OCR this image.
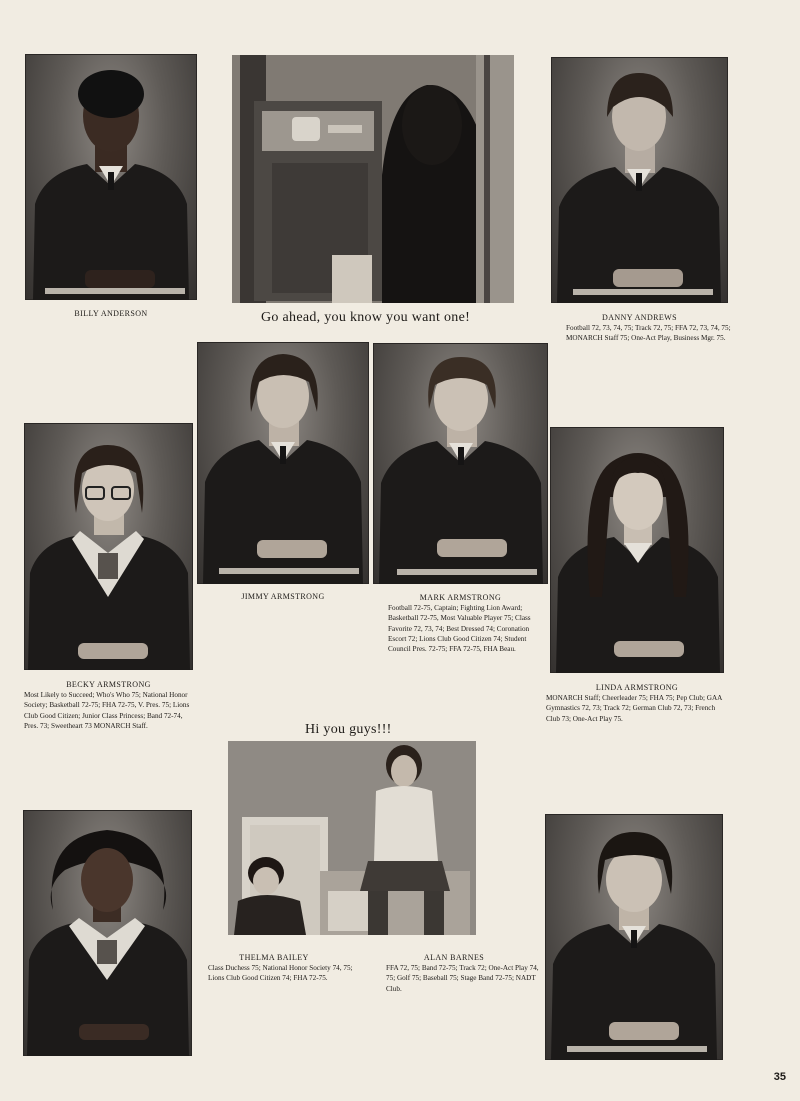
BILLY ANDERSON	Go ahead, you know you want one!	DANNY ANDREWS
Football 72, 73, 74, 75; Track 72, 75; FFA 72, 73, 74, 75; MONARCH Staff 75; One-Act Play, Business Mgr. 75.
JIMMY ARMSTRONG	MARK ARMSTRONG
Football 72-75, Captain; Fighting Lion Award; Basketball 72-75, Most Valuable Player 75; Class Favorite 72, 73, 74; Best Dressed 74; Coronation Escort 72; Lions Club Good Citizen 74; Student Council Pres. 72-75; FFA 72-75, FHA Beau.
BECKY ARMSTRONG
Most Likely to Succeed; Who's Who 75; National Honor Society; Basketball 72-75; FHA 72-75, V. Pres. 75; Lions Club Good Citizen; Junior Class Princess; Band 72-74, Pres. 73; Sweetheart 73 MONARCH Staff.
LINDA ARMSTRONG
MONARCH Staff; Cheerleader 75; FHA 75; Pep Club; GAA Gymnastics 72, 73; Track 72; German Club 72, 73; French Club 73; One-Act Play 75.
Hi you guys!!!
THELMA BAILEY
Class Duchess 75; National Honor Society 74, 75; Lions Club Good Citizen 74; FHA 72-75.
ALAN BARNES
FFA 72, 75; Band 72-75; Track 72; One-Act Play 74, 75; Golf 75; Baseball 75; Stage Band 72-75; NADT Club.
35
